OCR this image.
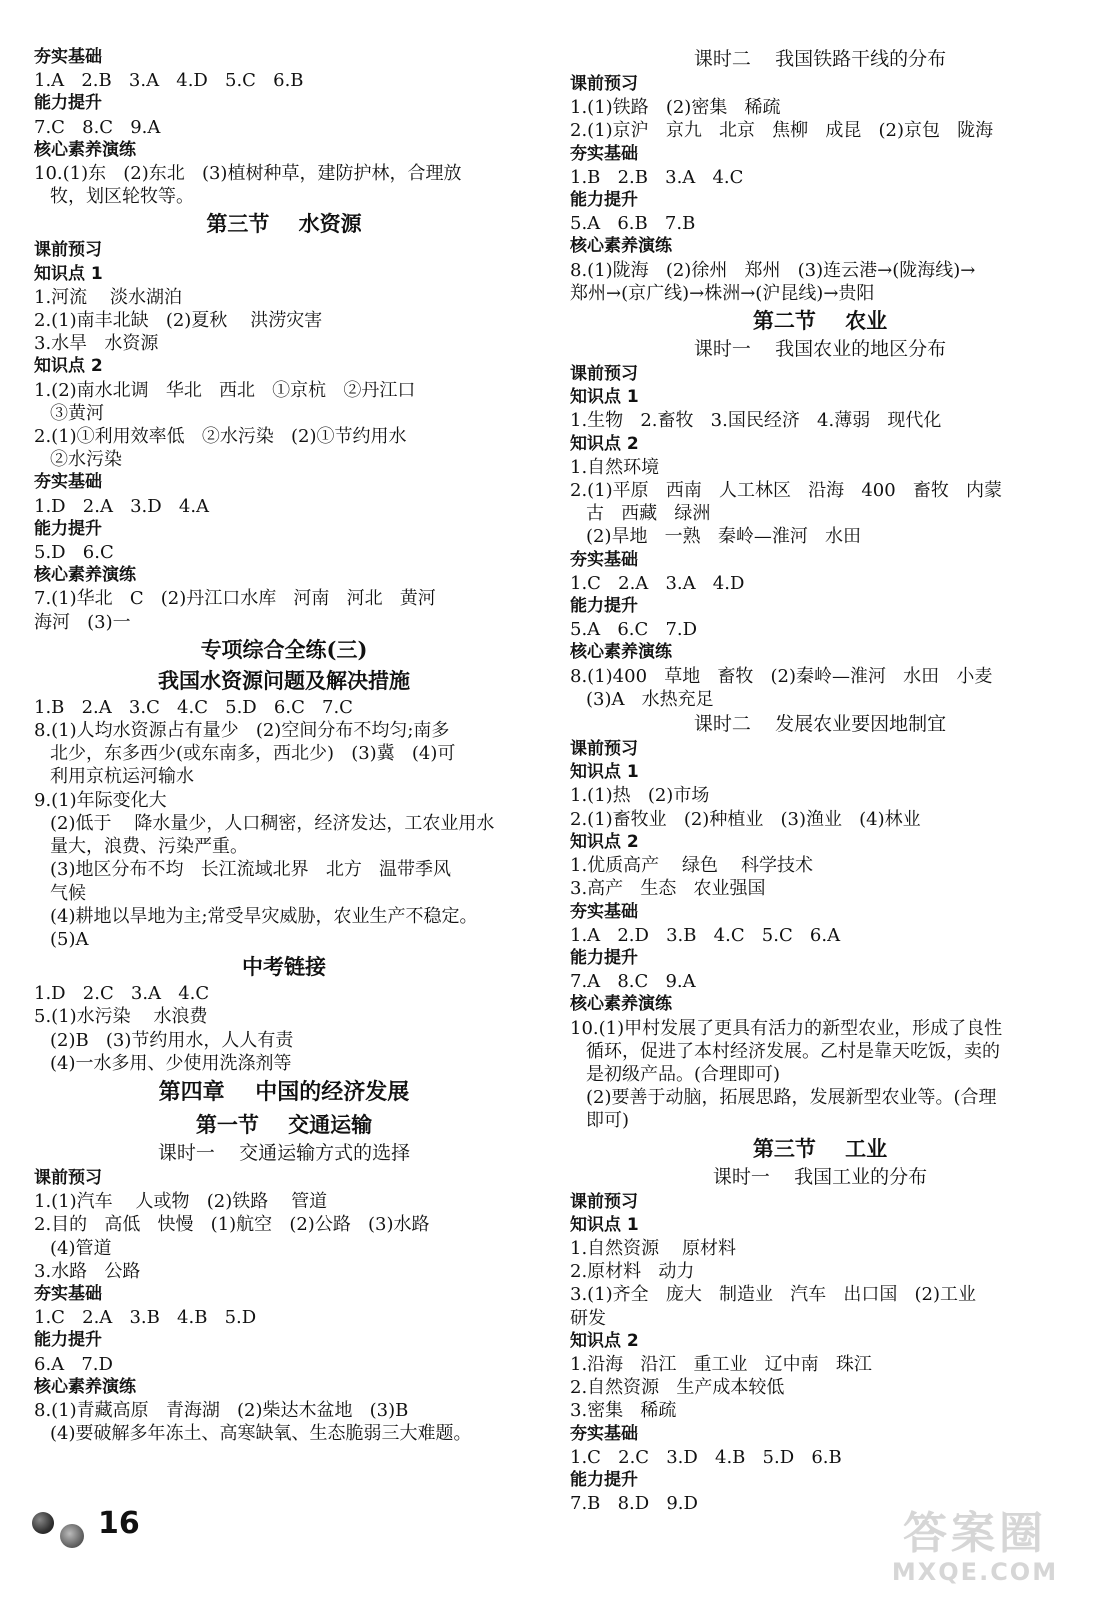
夯实基础
1.A   2.B   3.A   4.D   5.C   6.B
能力提升
7.C   8.C   9.A
核心素养演练
10.(1)东   (2)东北   (3)植树种草，建防护林，合理放
牧，划区轮牧等。
第三节    水资源
课前预习
知识点 1
1.河流    淡水湖泊
2.(1)南丰北缺   (2)夏秋    洪涝灾害
3.水旱   水资源
知识点 2
1.(2)南水北调   华北   西北   ①京杭   ②丹江口
③黄河
2.(1)①利用效率低   ②水污染   (2)①节约用水
②水污染
夯实基础
1.D   2.A   3.D   4.A
能力提升
5.D   6.C
核心素养演练
7.(1)华北   C   (2)丹江口水库   河南   河北   黄河
海河   (3)一
专项综合全练(三)
我国水资源问题及解决措施
1.B   2.A   3.C   4.C   5.D   6.C   7.C
8.(1)人均水资源占有量少   (2)空间分布不均匀;南多
北少，东多西少(或东南多，西北少)   (3)冀   (4)可
利用京杭运河输水
9.(1)年际变化大
(2)低于    降水量少，人口稠密，经济发达，工农业用水
量大，浪费、污染严重。
(3)地区分布不均   长江流域北界   北方   温带季风
气候
(4)耕地以旱地为主;常受旱灾威胁，农业生产不稳定。
(5)A
中考链接
1.D   2.C   3.A   4.C
5.(1)水污染    水浪费
(2)B   (3)节约用水，人人有责
(4)一水多用、少使用洗涤剂等
第四章    中国的经济发展
第一节    交通运输
课时一    交通运输方式的选择
课前预习
1.(1)汽车    人或物   (2)铁路    管道
2.目的   高低   快慢   (1)航空   (2)公路   (3)水路
(4)管道
3.水路   公路
夯实基础
1.C   2.A   3.B   4.B   5.D
能力提升
6.A   7.D
核心素养演练
8.(1)青藏高原   青海湖   (2)柴达木盆地   (3)B
(4)要破解多年冻土、高寒缺氧、生态脆弱三大难题。
课时二    我国铁路干线的分布
课前预习
1.(1)铁路   (2)密集   稀疏
2.(1)京沪   京九   北京   焦柳   成昆   (2)京包   陇海
夯实基础
1.B   2.B   3.A   4.C
能力提升
5.A   6.B   7.B
核心素养演练
8.(1)陇海   (2)徐州   郑州   (3)连云港→(陇海线)→
郑州→(京广线)→株洲→(沪昆线)→贵阳
第二节    农业
课时一    我国农业的地区分布
课前预习
知识点 1
1.生物   2.畜牧   3.国民经济   4.薄弱   现代化
知识点 2
1.自然环境
2.(1)平原   西南   人工林区   沿海   400   畜牧   内蒙
古   西藏   绿洲
(2)旱地   一熟   秦岭—淮河   水田
夯实基础
1.C   2.A   3.A   4.D
能力提升
5.A   6.C   7.D
核心素养演练
8.(1)400   草地   畜牧   (2)秦岭—淮河   水田   小麦
(3)A   水热充足
课时二    发展农业要因地制宜
课前预习
知识点 1
1.(1)热   (2)市场
2.(1)畜牧业   (2)种植业   (3)渔业   (4)林业
知识点 2
1.优质高产    绿色    科学技术
3.高产   生态   农业强国
夯实基础
1.A   2.D   3.B   4.C   5.C   6.A
能力提升
7.A   8.C   9.A
核心素养演练
10.(1)甲村发展了更具有活力的新型农业，形成了良性
循环，促进了本村经济发展。乙村是靠天吃饭，卖的
是初级产品。(合理即可)
(2)要善于动脑，拓展思路，发展新型农业等。(合理
即可)
第三节    工业
课时一    我国工业的分布
课前预习
知识点 1
1.自然资源    原材料
2.原材料   动力
3.(1)齐全   庞大   制造业   汽车   出口国   (2)工业
研发
知识点 2
1.沿海   沿江   重工业   辽中南   珠江
2.自然资源   生产成本较低
3.密集   稀疏
夯实基础
1.C   2.C   3.D   4.B   5.D   6.B
能力提升
7.B   8.D   9.D
16	答案圈
MXQE.COM
